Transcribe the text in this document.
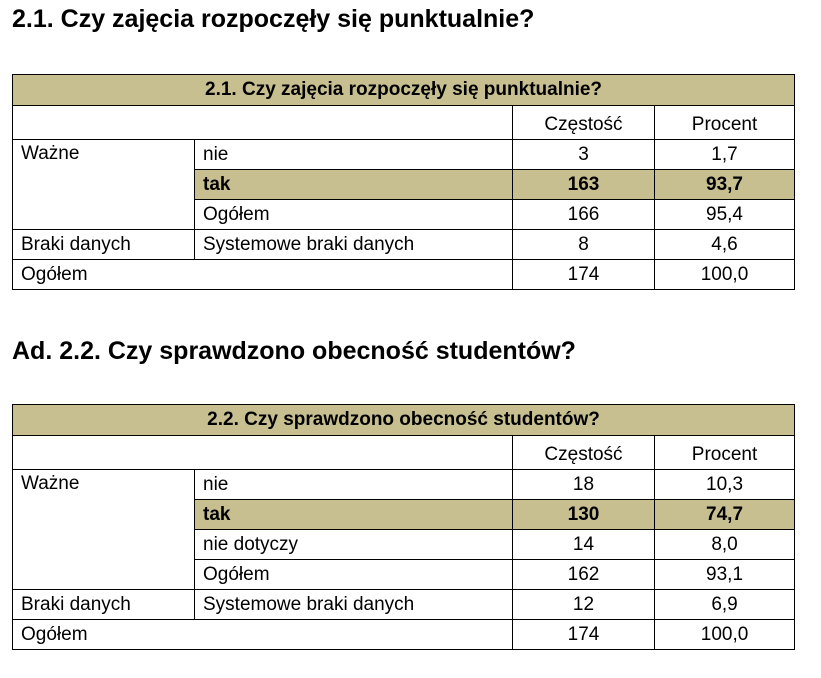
2.1. Czy zajęcia rozpoczęły się punktualnie?
2.1. Czy zajęcia rozpoczęły się punktualnie?			
		Częstość	Procent
Ważne	nie	3	1,7
	tak	163	93,7
	Ogółem	166	95,4
Braki danych	Systemowe braki danych	8	4,6
Ogółem		174	100,0
Ad. 2.2. Czy sprawdzono obecność studentów?
2.2. Czy sprawdzono obecność studentów?			
		Częstość	Procent
Ważne	nie	18	10,3
	tak	130	74,7
	nie dotyczy	14	8,0
	Ogółem	162	93,1
Braki danych	Systemowe braki danych	12	6,9
Ogółem		174	100,0
